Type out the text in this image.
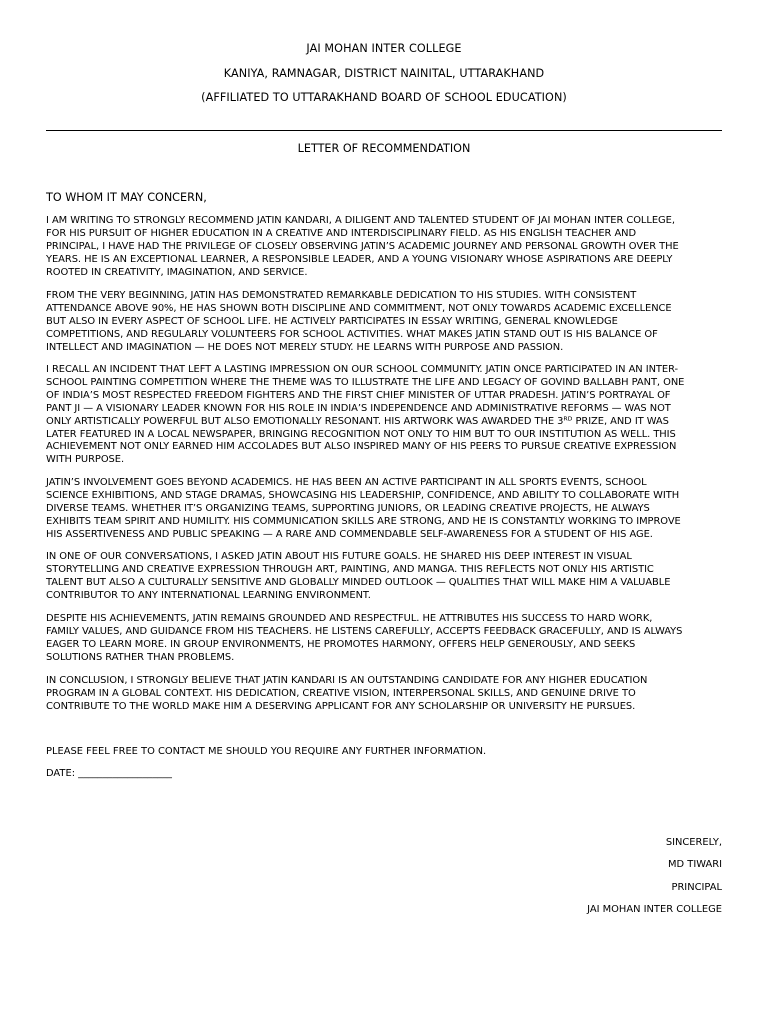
JAI MOHAN INTER COLLEGE
KANIYA, RAMNAGAR, DISTRICT NAINITAL, UTTARAKHAND
(AFFILIATED TO UTTARAKHAND BOARD OF SCHOOL EDUCATION)
LETTER OF RECOMMENDATION
TO WHOM IT MAY CONCERN,
I AM WRITING TO STRONGLY RECOMMEND JATIN KANDARI, A DILIGENT AND TALENTED STUDENT OF JAI MOHAN INTER COLLEGE,
FOR HIS PURSUIT OF HIGHER EDUCATION IN A CREATIVE AND INTERDISCIPLINARY FIELD. AS HIS ENGLISH TEACHER AND
PRINCIPAL, I HAVE HAD THE PRIVILEGE OF CLOSELY OBSERVING JATIN’S ACADEMIC JOURNEY AND PERSONAL GROWTH OVER THE
YEARS. HE IS AN EXCEPTIONAL LEARNER, A RESPONSIBLE LEADER, AND A YOUNG VISIONARY WHOSE ASPIRATIONS ARE DEEPLY
ROOTED IN CREATIVITY, IMAGINATION, AND SERVICE.
FROM THE VERY BEGINNING, JATIN HAS DEMONSTRATED REMARKABLE DEDICATION TO HIS STUDIES. WITH CONSISTENT
ATTENDANCE ABOVE 90%, HE HAS SHOWN BOTH DISCIPLINE AND COMMITMENT, NOT ONLY TOWARDS ACADEMIC EXCELLENCE
BUT ALSO IN EVERY ASPECT OF SCHOOL LIFE. HE ACTIVELY PARTICIPATES IN ESSAY WRITING, GENERAL KNOWLEDGE
COMPETITIONS, AND REGULARLY VOLUNTEERS FOR SCHOOL ACTIVITIES. WHAT MAKES JATIN STAND OUT IS HIS BALANCE OF
INTELLECT AND IMAGINATION — HE DOES NOT MERELY STUDY. HE LEARNS WITH PURPOSE AND PASSION.
I RECALL AN INCIDENT THAT LEFT A LASTING IMPRESSION ON OUR SCHOOL COMMUNITY. JATIN ONCE PARTICIPATED IN AN INTER-
SCHOOL PAINTING COMPETITION WHERE THE THEME WAS TO ILLUSTRATE THE LIFE AND LEGACY OF GOVIND BALLABH PANT, ONE
OF INDIA’S MOST RESPECTED FREEDOM FIGHTERS AND THE FIRST CHIEF MINISTER OF UTTAR PRADESH. JATIN’S PORTRAYAL OF
PANT JI — A VISIONARY LEADER KNOWN FOR HIS ROLE IN INDIA’S INDEPENDENCE AND ADMINISTRATIVE REFORMS — WAS NOT
ONLY ARTISTICALLY POWERFUL BUT ALSO EMOTIONALLY RESONANT. HIS ARTWORK WAS AWARDED THE 3ᴿᴰ PRIZE, AND IT WAS
LATER FEATURED IN A LOCAL NEWSPAPER, BRINGING RECOGNITION NOT ONLY TO HIM BUT TO OUR INSTITUTION AS WELL. THIS
ACHIEVEMENT NOT ONLY EARNED HIM ACCOLADES BUT ALSO INSPIRED MANY OF HIS PEERS TO PURSUE CREATIVE EXPRESSION
WITH PURPOSE.
JATIN’S INVOLVEMENT GOES BEYOND ACADEMICS. HE HAS BEEN AN ACTIVE PARTICIPANT IN ALL SPORTS EVENTS, SCHOOL
SCIENCE EXHIBITIONS, AND STAGE DRAMAS, SHOWCASING HIS LEADERSHIP, CONFIDENCE, AND ABILITY TO COLLABORATE WITH
DIVERSE TEAMS. WHETHER IT’S ORGANIZING TEAMS, SUPPORTING JUNIORS, OR LEADING CREATIVE PROJECTS, HE ALWAYS
EXHIBITS TEAM SPIRIT AND HUMILITY. HIS COMMUNICATION SKILLS ARE STRONG, AND HE IS CONSTANTLY WORKING TO IMPROVE
HIS ASSERTIVENESS AND PUBLIC SPEAKING — A RARE AND COMMENDABLE SELF-AWARENESS FOR A STUDENT OF HIS AGE.
IN ONE OF OUR CONVERSATIONS, I ASKED JATIN ABOUT HIS FUTURE GOALS. HE SHARED HIS DEEP INTEREST IN VISUAL
STORYTELLING AND CREATIVE EXPRESSION THROUGH ART, PAINTING, AND MANGA. THIS REFLECTS NOT ONLY HIS ARTISTIC
TALENT BUT ALSO A CULTURALLY SENSITIVE AND GLOBALLY MINDED OUTLOOK — QUALITIES THAT WILL MAKE HIM A VALUABLE
CONTRIBUTOR TO ANY INTERNATIONAL LEARNING ENVIRONMENT.
DESPITE HIS ACHIEVEMENTS, JATIN REMAINS GROUNDED AND RESPECTFUL. HE ATTRIBUTES HIS SUCCESS TO HARD WORK,
FAMILY VALUES, AND GUIDANCE FROM HIS TEACHERS. HE LISTENS CAREFULLY, ACCEPTS FEEDBACK GRACEFULLY, AND IS ALWAYS
EAGER TO LEARN MORE. IN GROUP ENVIRONMENTS, HE PROMOTES HARMONY, OFFERS HELP GENEROUSLY, AND SEEKS
SOLUTIONS RATHER THAN PROBLEMS.
IN CONCLUSION, I STRONGLY BELIEVE THAT JATIN KANDARI IS AN OUTSTANDING CANDIDATE FOR ANY HIGHER EDUCATION
PROGRAM IN A GLOBAL CONTEXT. HIS DEDICATION, CREATIVE VISION, INTERPERSONAL SKILLS, AND GENUINE DRIVE TO
CONTRIBUTE TO THE WORLD MAKE HIM A DESERVING APPLICANT FOR ANY SCHOLARSHIP OR UNIVERSITY HE PURSUES.
PLEASE FEEL FREE TO CONTACT ME SHOULD YOU REQUIRE ANY FURTHER INFORMATION.
DATE: ___________________
SINCERELY,
MD TIWARI
PRINCIPAL
JAI MOHAN INTER COLLEGE
